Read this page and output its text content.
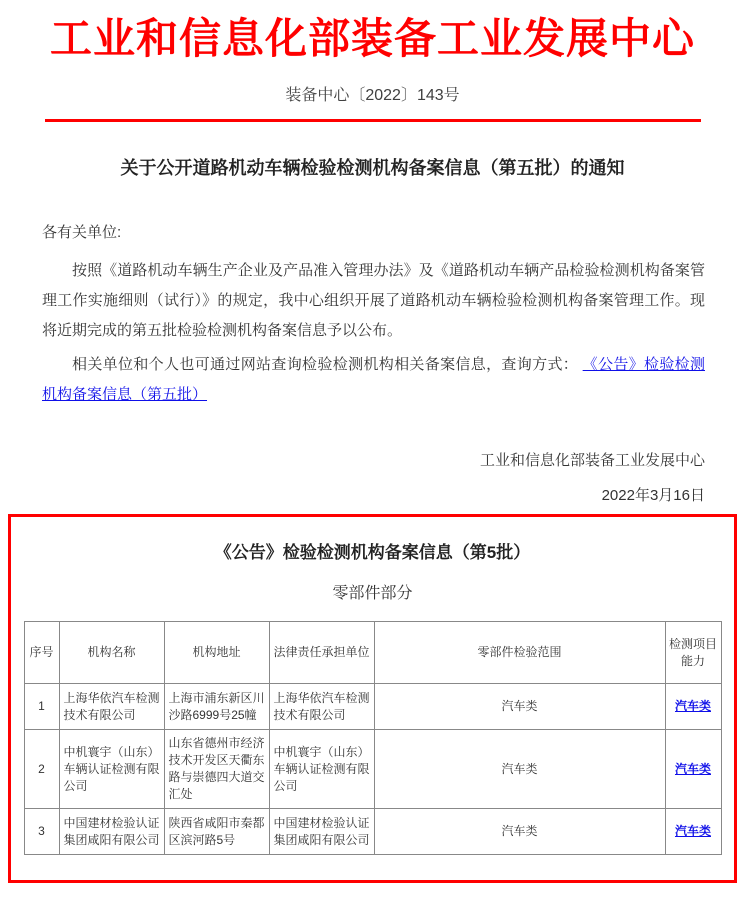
工业和信息化部装备工业发展中心
装备中心〔2022〕143号
关于公开道路机动车辆检验检测机构备案信息（第五批）的通知
各有关单位:
按照《道路机动车辆生产企业及产品准入管理办法》及《道路机动车辆产品检验检测机构备案管理工作实施细则（试行）》的规定，我中心组织开展了道路机动车辆检验检测机构备案管理工作。现将近期完成的第五批检验检测机构备案信息予以公布。
相关单位和个人也可通过网站查询检验检测机构相关备案信息，查询方式： 《公告》检验检测机构备案信息（第五批）
工业和信息化部装备工业发展中心
2022年3月16日
《公告》检验检测机构备案信息（第5批）
零部件部分
序号	机构名称	机构地址	法律责任承担单位	零部件检验范围	检测项目能力
1	上海华依汽车检测技术有限公司	上海市浦东新区川沙路6999号25幢	上海华依汽车检测技术有限公司	汽车类	汽车类
2	中机寰宇（山东）车辆认证检测有限公司	山东省德州市经济技术开发区天衢东路与崇德四大道交汇处	中机寰宇（山东）车辆认证检测有限公司	汽车类	汽车类
3	中国建材检验认证集团咸阳有限公司	陕西省咸阳市秦都区滨河路5号	中国建材检验认证集团咸阳有限公司	汽车类	汽车类
